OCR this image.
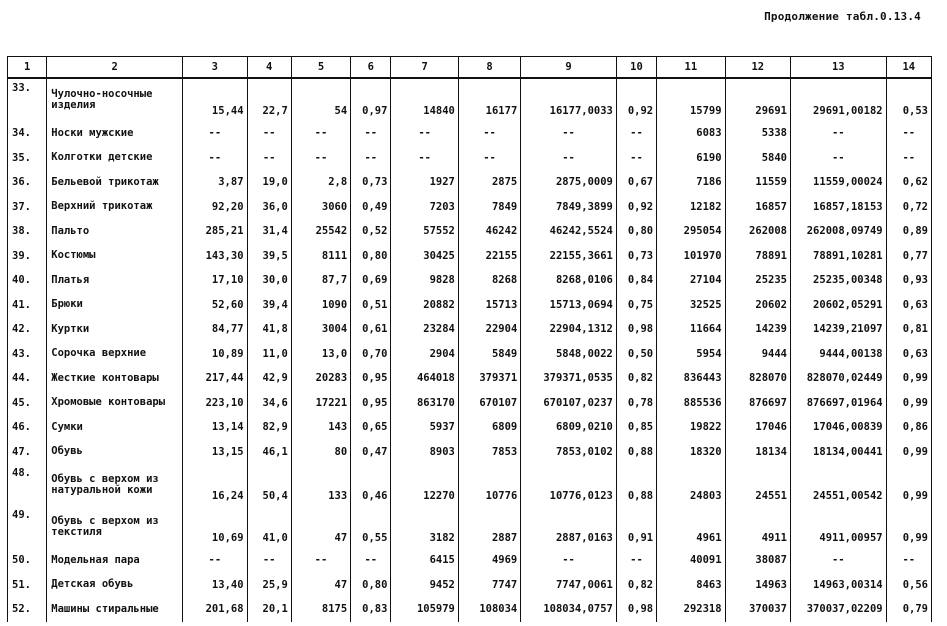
Продолжение табл.0.13.4
1	2	3	4	5	6	7	8	9	10	11	12	13	14
33.	Чулочно-носочные изделия	15,44	22,7	54	0,97	14840	16177	16177,0033	0,92	15799	29691	29691,00182	0,53
34.	Носки мужские	--	--	--	--	--	--	--	--	6083	5338	--	--
35.	Колготки детские	--	--	--	--	--	--	--	--	6190	5840	--	--
36.	Бельевой трикотаж	3,87	19,0	2,8	0,73	1927	2875	2875,0009	0,67	7186	11559	11559,00024	0,62
37.	Верхний трикотаж	92,20	36,0	3060	0,49	7203	7849	7849,3899	0,92	12182	16857	16857,18153	0,72
38.	Пальто	285,21	31,4	25542	0,52	57552	46242	46242,5524	0,80	295054	262008	262008,09749	0,89
39.	Костюмы	143,30	39,5	8111	0,80	30425	22155	22155,3661	0,73	101970	78891	78891,10281	0,77
40.	Платья	17,10	30,0	87,7	0,69	9828	8268	8268,0106	0,84	27104	25235	25235,00348	0,93
41.	Брюки	52,60	39,4	1090	0,51	20882	15713	15713,0694	0,75	32525	20602	20602,05291	0,63
42.	Куртки	84,77	41,8	3004	0,61	23284	22904	22904,1312	0,98	11664	14239	14239,21097	0,81
43.	Сорочка верхние	10,89	11,0	13,0	0,70	2904	5849	5848,0022	0,50	5954	9444	9444,00138	0,63
44.	Жесткие контовары	217,44	42,9	20283	0,95	464018	379371	379371,0535	0,82	836443	828070	828070,02449	0,99
45.	Хромовые контовары	223,10	34,6	17221	0,95	863170	670107	670107,0237	0,78	885536	876697	876697,01964	0,99
46.	Сумки	13,14	82,9	143	0,65	5937	6809	6809,0210	0,85	19822	17046	17046,00839	0,86
47.	Обувь	13,15	46,1	80	0,47	8903	7853	7853,0102	0,88	18320	18134	18134,00441	0,99
48.	Обувь с верхом из натуральной кожи	16,24	50,4	133	0,46	12270	10776	10776,0123	0,88	24803	24551	24551,00542	0,99
49.	Обувь с верхом из текстиля	10,69	41,0	47	0,55	3182	2887	2887,0163	0,91	4961	4911	4911,00957	0,99
50.	Модельная пара	--	--	--	--	6415	4969	--	--	40091	38087	--	--
51.	Детская обувь	13,40	25,9	47	0,80	9452	7747	7747,0061	0,82	8463	14963	14963,00314	0,56
52.	Машины стиральные	201,68	20,1	8175	0,83	105979	108034	108034,0757	0,98	292318	370037	370037,02209	0,79
